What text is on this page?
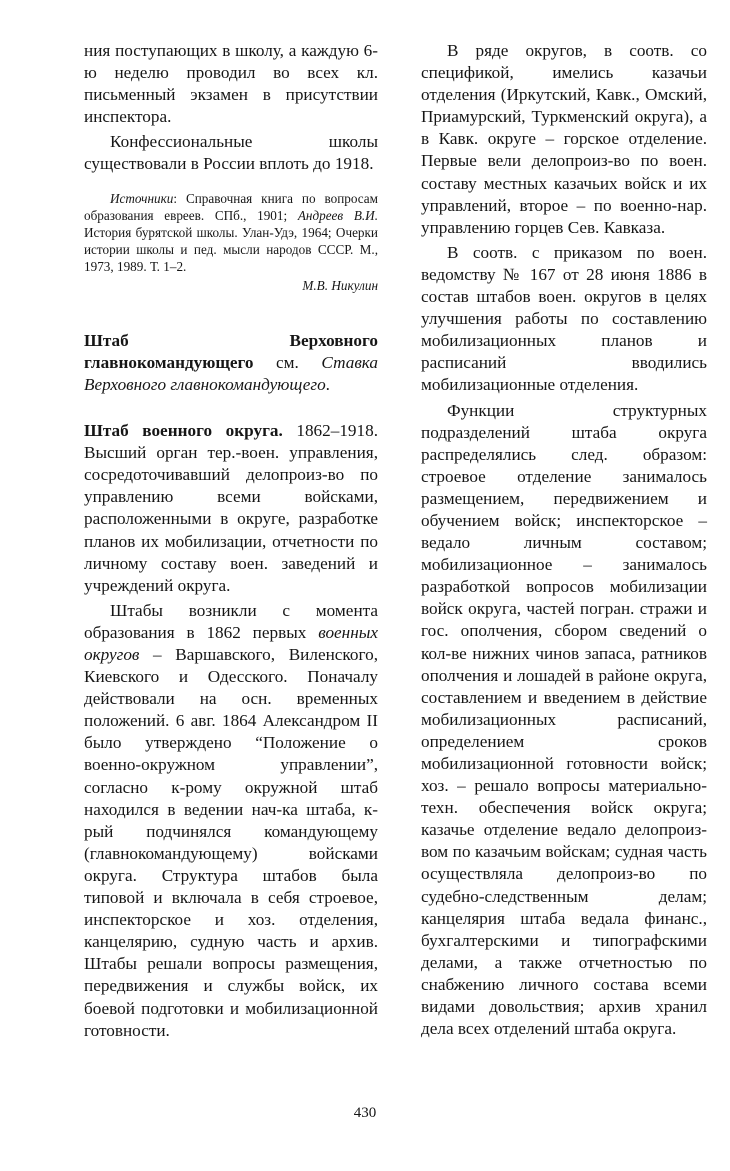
ния поступающих в школу, а каждую 6-ю неделю проводил во всех кл. письменный экзамен в присутствии инспектора.

Конфессиональные школы существовали в России вплоть до 1918.

Источники: Справочная книга по вопросам образования евреев. СПб., 1901; Андреев В.И. История бурятской школы. Улан-Удэ, 1964; Очерки истории школы и пед. мысли народов СССР. М., 1973, 1989. Т. 1–2.

М.В. Никулин

Штаб Верховного главнокомандующего см. Ставка Верховного главнокомандующего.

Штаб военного округа. 1862–1918. Высший орган тер.-воен. управления, сосредоточивавший делопроиз-во по управлению всеми войсками, расположенными в округе, разработке планов их мобилизации, отчетности по личному составу воен. заведений и учреждений округа.

Штабы возникли с момента образования в 1862 первых военных округов – Варшавского, Виленского, Киевского и Одесского. Поначалу действовали на осн. временных положений. 6 авг. 1864 Александром II было утверждено “Положение о военно-окружном управлении”, согласно к-рому окружной штаб находился в ведении нач-ка штаба, к-рый подчинялся командующему (главнокомандующему) войсками округа. Структура штабов была типовой и включала в себя строевое, инспекторское и хоз. отделения, канцелярию, судную часть и архив. Штабы решали вопросы размещения, передвижения и службы войск, их боевой подготовки и мобилизационной готовности.

В ряде округов, в соотв. со спецификой, имелись казачьи отделения (Иркутский, Кавк., Омский, Приамурский, Туркменский округа), а в Кавк. округе – горское отделение. Первые вели делопроиз-во по воен. составу местных казачьих войск и их управлений, второе – по военно-нар. управлению горцев Сев. Кавказа.

В соотв. с приказом по воен. ведомству № 167 от 28 июня 1886 в состав штабов воен. округов в целях улучшения работы по составлению мобилизационных планов и расписаний вводились мобилизационные отделения.

Функции структурных подразделений штаба округа распределялись след. образом: строевое отделение занималось размещением, передвижением и обучением войск; инспекторское – ведало личным составом; мобилизационное – занималось разработкой вопросов мобилизации войск округа, частей погран. стражи и гос. ополчения, сбором сведений о кол-ве нижних чинов запаса, ратников ополчения и лошадей в районе округа, составлением и введением в действие мобилизационных расписаний, определением сроков мобилизационной готовности войск; хоз. – решало вопросы материально-техн. обеспечения войск округа; казачье отделение ведало делопроиз-вом по казачьим войскам; судная часть осуществляла делопроиз-во по судебно-следственным делам; канцелярия штаба ведала финанс., бухгалтерскими и типографскими делами, а также отчетностью по снабжению личного состава всеми видами довольствия; архив хранил дела всех отделений штаба округа.

430
